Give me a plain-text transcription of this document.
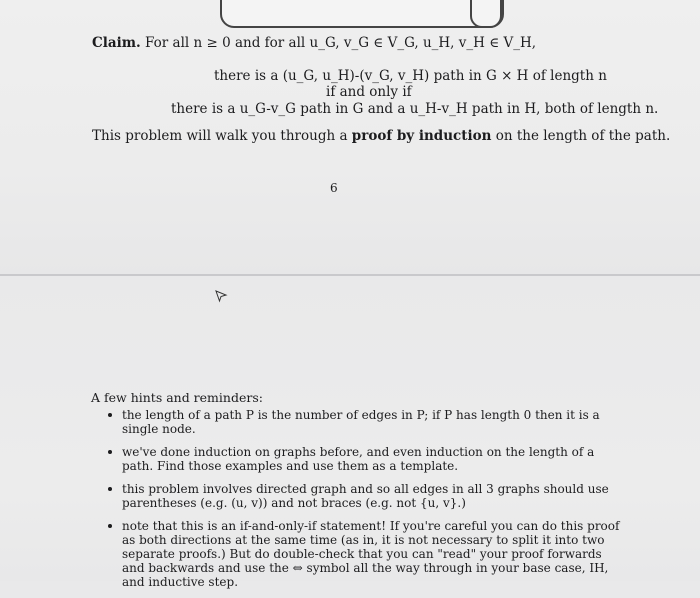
Claim. For all n ≥ 0 and for all u_G, v_G ∈ V_G, u_H, v_H ∈ V_H,
there is a (u_G, u_H)-(v_G, v_H) path in G × H of length n
if and only if
there is a u_G-v_G path in G and a u_H-v_H path in H, both of length n.
This problem will walk you through a proof by induction on the length of the path.
6
A few hints and reminders:
the length of a path P is the number of edges in P; if P has length 0 then it is a single node.
we've done induction on graphs before, and even induction on the length of a path. Find those examples and use them as a template.
this problem involves directed graph and so all edges in all 3 graphs should use parentheses (e.g. (u, v)) and not braces (e.g. not {u, v}.)
note that this is an if-and-only-if statement! If you're careful you can do this proof as both directions at the same time (as in, it is not necessary to split it into two separate proofs.) But do double-check that you can "read" your proof forwards and backwards and use the ⇔ symbol all the way through in your base case, IH, and inductive step.
